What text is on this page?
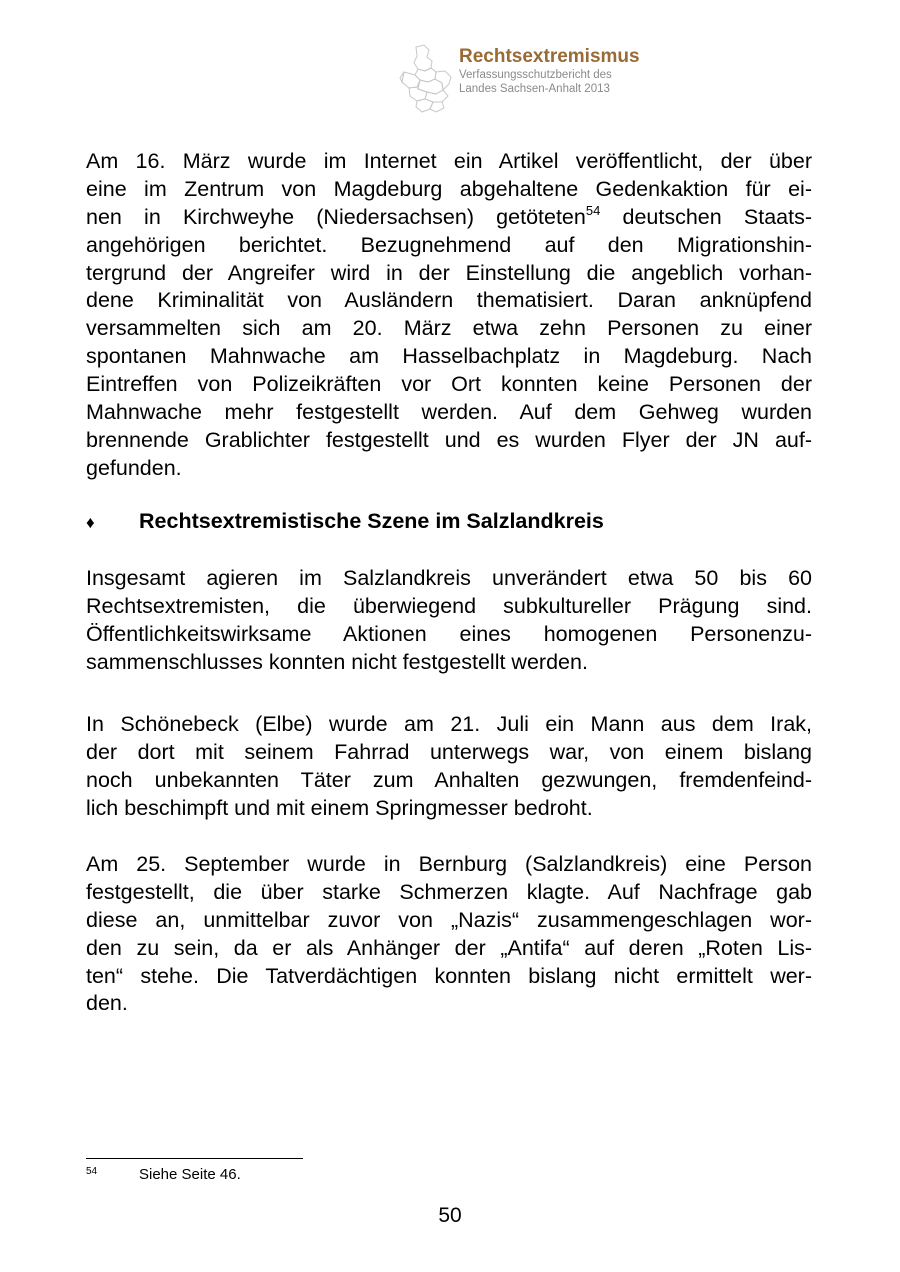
Rechtsextremismus
Verfassungsschutzbericht des
Landes Sachsen-Anhalt 2013
Am 16. März wurde im Internet ein Artikel veröffentlicht, der über
eine im Zentrum von Magdeburg abgehaltene Gedenkaktion für ei-
nen in Kirchweyhe (Niedersachsen) getöteten$^{54}$ deutschen Staats-
angehörigen berichtet. Bezugnehmend auf den Migrationshin-
tergrund der Angreifer wird in der Einstellung die angeblich vorhan-
dene Kriminalität von Ausländern thematisiert. Daran anknüpfend
versammelten sich am 20. März etwa zehn Personen zu einer
spontanen Mahnwache am Hasselbachplatz in Magdeburg. Nach
Eintreffen von Polizeikräften vor Ort konnten keine Personen der
Mahnwache mehr festgestellt werden. Auf dem Gehweg wurden
brennende Grablichter festgestellt und es wurden Flyer der JN auf-
gefunden.
♦ Rechtsextremistische Szene im Salzlandkreis
Insgesamt agieren im Salzlandkreis unverändert etwa 50 bis 60
Rechtsextremisten, die überwiegend subkultureller Prägung sind.
Öffentlichkeitswirksame Aktionen eines homogenen Personenzu-
sammenschlusses konnten nicht festgestellt werden.
In Schönebeck (Elbe) wurde am 21. Juli ein Mann aus dem Irak,
der dort mit seinem Fahrrad unterwegs war, von einem bislang
noch unbekannten Täter zum Anhalten gezwungen, fremdenfeind-
lich beschimpft und mit einem Springmesser bedroht.
Am 25. September wurde in Bernburg (Salzlandkreis) eine Person
festgestellt, die über starke Schmerzen klagte. Auf Nachfrage gab
diese an, unmittelbar zuvor von „Nazis“ zusammengeschlagen wor-
den zu sein, da er als Anhänger der „Antifa“ auf deren „Roten Lis-
ten“ stehe. Die Tatverdächtigen konnten bislang nicht ermittelt wer-
den.
54	Siehe Seite 46.
50
